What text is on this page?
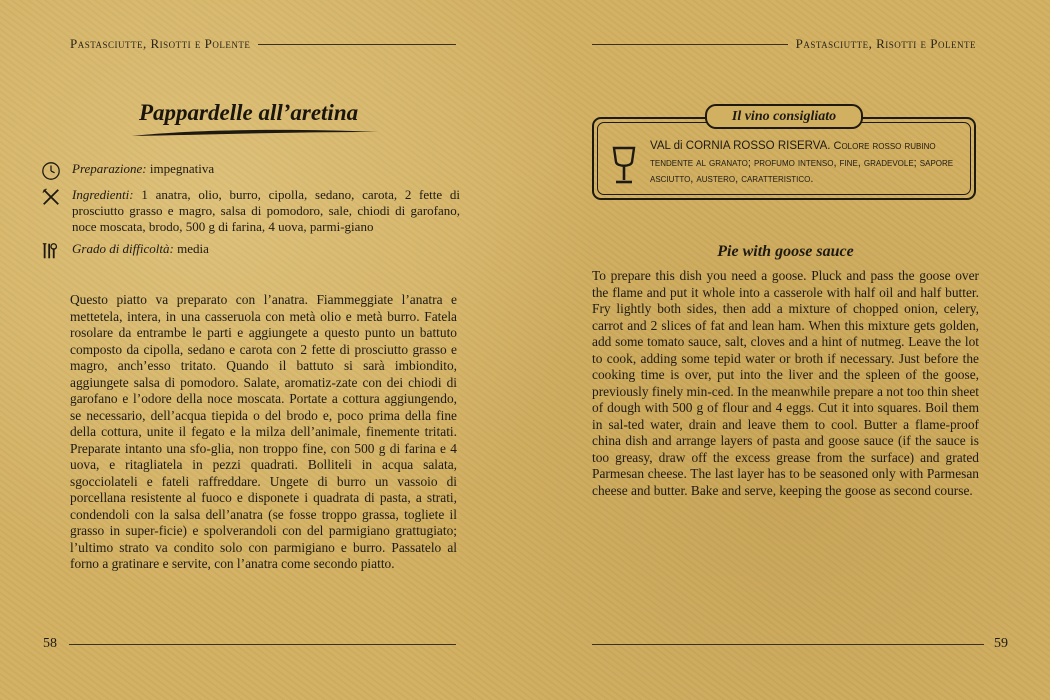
Pastasciutte, Risotti e Polente
Pappardelle all’aretina
Preparazione: impegnativa
Ingredienti: 1 anatra, olio, burro, cipolla, sedano, carota, 2 fette di prosciutto grasso e magro, salsa di pomodoro, sale, chiodi di garofano, noce moscata, brodo, 500 g di farina, 4 uova, parmi-giano
Grado di difficoltà: media

Questo piatto va preparato con l’anatra. Fiammeggiate l’anatra e mettetela, intera, in una casseruola con metà olio e metà burro. Fatela rosolare da entrambe le parti e aggiungete a questo punto un battuto composto da cipolla, sedano e carota con 2 fette di prosciutto grasso e magro, anch’esso tritato. Quando il battuto si sarà imbiondito, aggiungete salsa di pomodoro. Salate, aromatiz-zate con dei chiodi di garofano e l’odore della noce moscata. Portate a cottura aggiungendo, se necessario, dell’acqua tiepida o del brodo e, poco prima della fine della cottura, unite il fegato e la milza dell’animale, finemente tritati. Preparate intanto una sfo-glia, non troppo fine, con 500 g di farina e 4 uova, e ritagliatela in pezzi quadrati. Bolliteli in acqua salata, sgocciolateli e fateli raffreddare. Ungete di burro un vassoio di porcellana resistente al fuoco e disponete i quadrata di pasta, a strati, condendoli con la salsa dell’anatra (se fosse troppo grassa, togliete il grasso in super-ficie) e spolverandoli con del parmigiano grattugiato; l’ultimo strato va condito solo con parmigiano e burro. Passatelo al forno a gratinare e servite, con l’anatra come secondo piatto.

58
Pastasciutte, Risotti e Polente
Il vino consigliato
VAL di CORNIA ROSSO RISERVA. Colore rosso rubino tendente al granato; profumo intenso, fine, gradevole; sapore asciutto, austero, caratteristico.
Pie with goose sauce

To prepare this dish you need a goose. Pluck and pass the goose over the flame and put it whole into a casserole with half oil and half butter. Fry lightly both sides, then add a mixture of chopped onion, celery, carrot and 2 slices of fat and lean ham. When this mixture gets golden, add some tomato sauce, salt, cloves and a hint of nutmeg. Leave the lot to cook, adding some tepid water or broth if necessary. Just before the cooking time is over, put into the liver and the spleen of the goose, previously finely min-ced. In the meanwhile prepare a not too thin sheet of dough with 500 g of flour and 4 eggs. Cut it into squares. Boil them in sal-ted water, drain and leave them to cool. Butter a flame-proof china dish and arrange layers of pasta and goose sauce (if the sauce is too greasy, draw off the excess grease from the surface) and grated Parmesan cheese. The last layer has to be seasoned only with Parmesan cheese and butter. Bake and serve, keeping the goose as second course.

59
